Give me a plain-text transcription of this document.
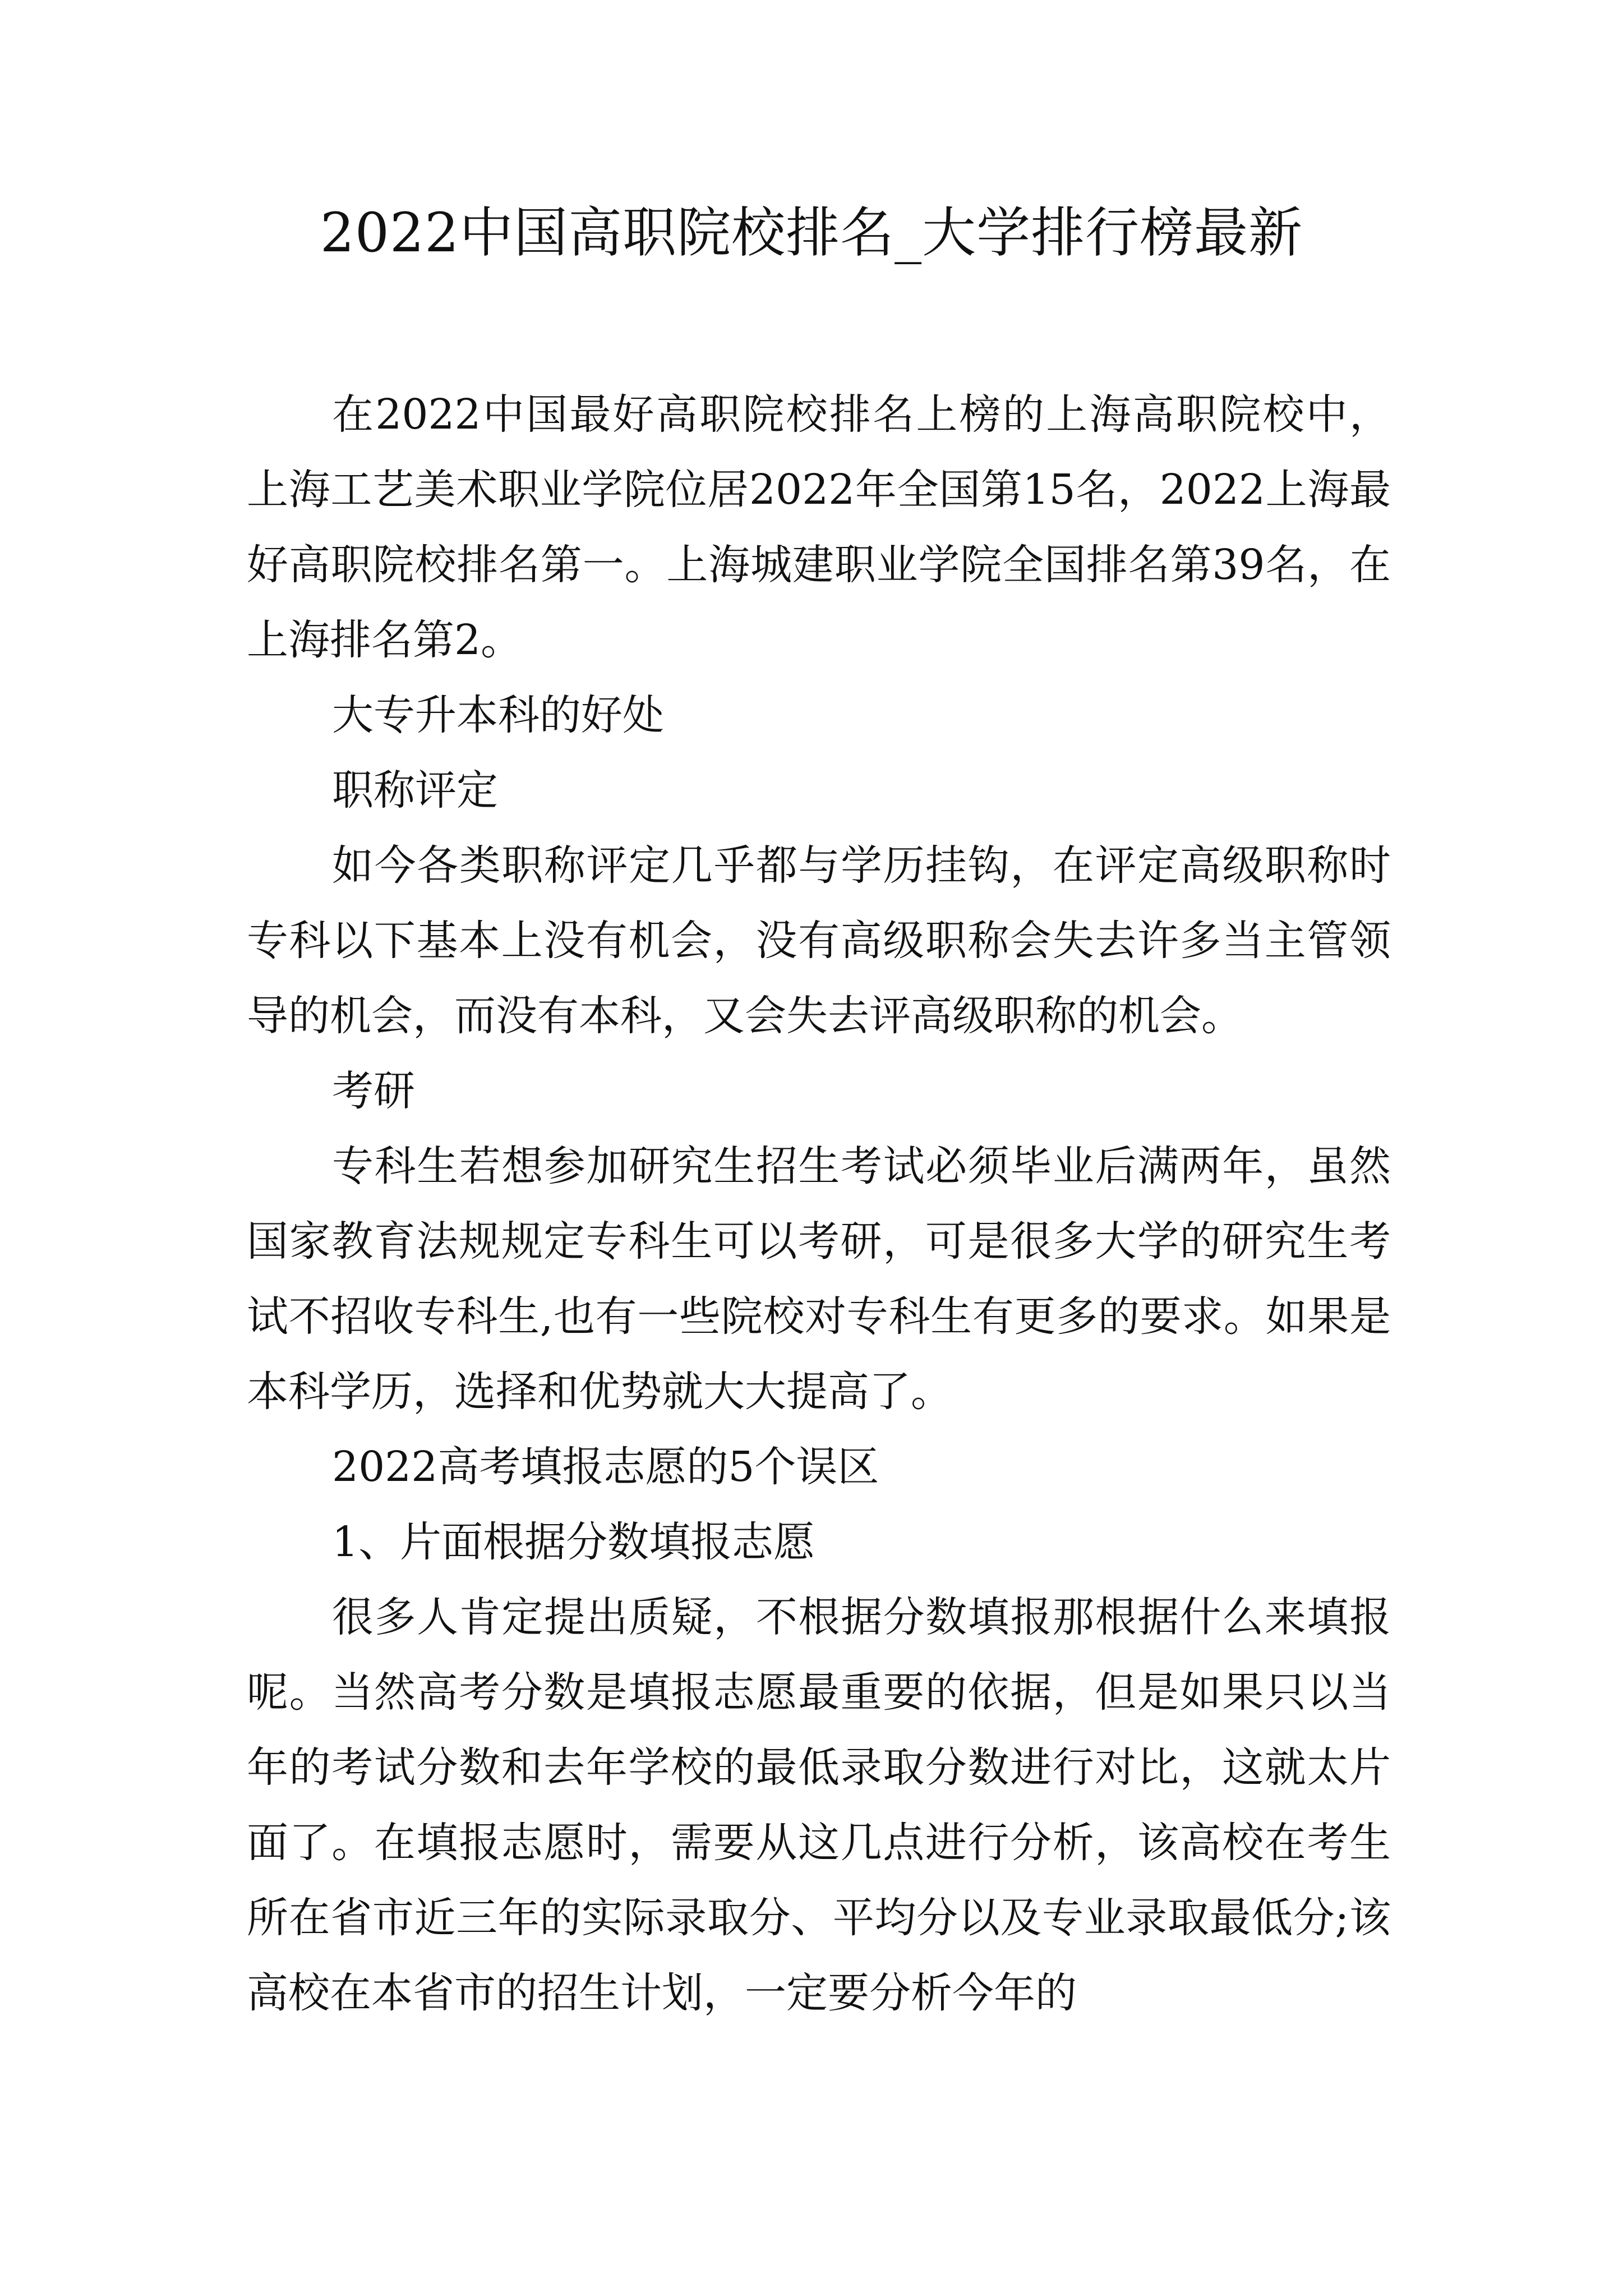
2022中国高职院校排名_大学排行榜最新

在2022中国最好高职院校排名上榜的上海高职院校中，上海工艺美术职业学院位居2022年全国第15名，2022上海最好高职院校排名第一。上海城建职业学院全国排名第39名，在上海排名第2。

大专升本科的好处

职称评定

如今各类职称评定几乎都与学历挂钩，在评定高级职称时专科以下基本上没有机会，没有高级职称会失去许多当主管领导的机会，而没有本科，又会失去评高级职称的机会。

考研

专科生若想参加研究生招生考试必须毕业后满两年，虽然国家教育法规规定专科生可以考研，可是很多大学的研究生考试不招收专科生,也有一些院校对专科生有更多的要求。如果是本科学历，选择和优势就大大提高了。

2022高考填报志愿的5个误区

1、片面根据分数填报志愿

很多人肯定提出质疑，不根据分数填报那根据什么来填报呢。当然高考分数是填报志愿最重要的依据，但是如果只以当年的考试分数和去年学校的最低录取分数进行对比，这就太片面了。在填报志愿时，需要从这几点进行分析，该高校在考生所在省市近三年的实际录取分、平均分以及专业录取最低分;该高校在本省市的招生计划，一定要分析今年的
